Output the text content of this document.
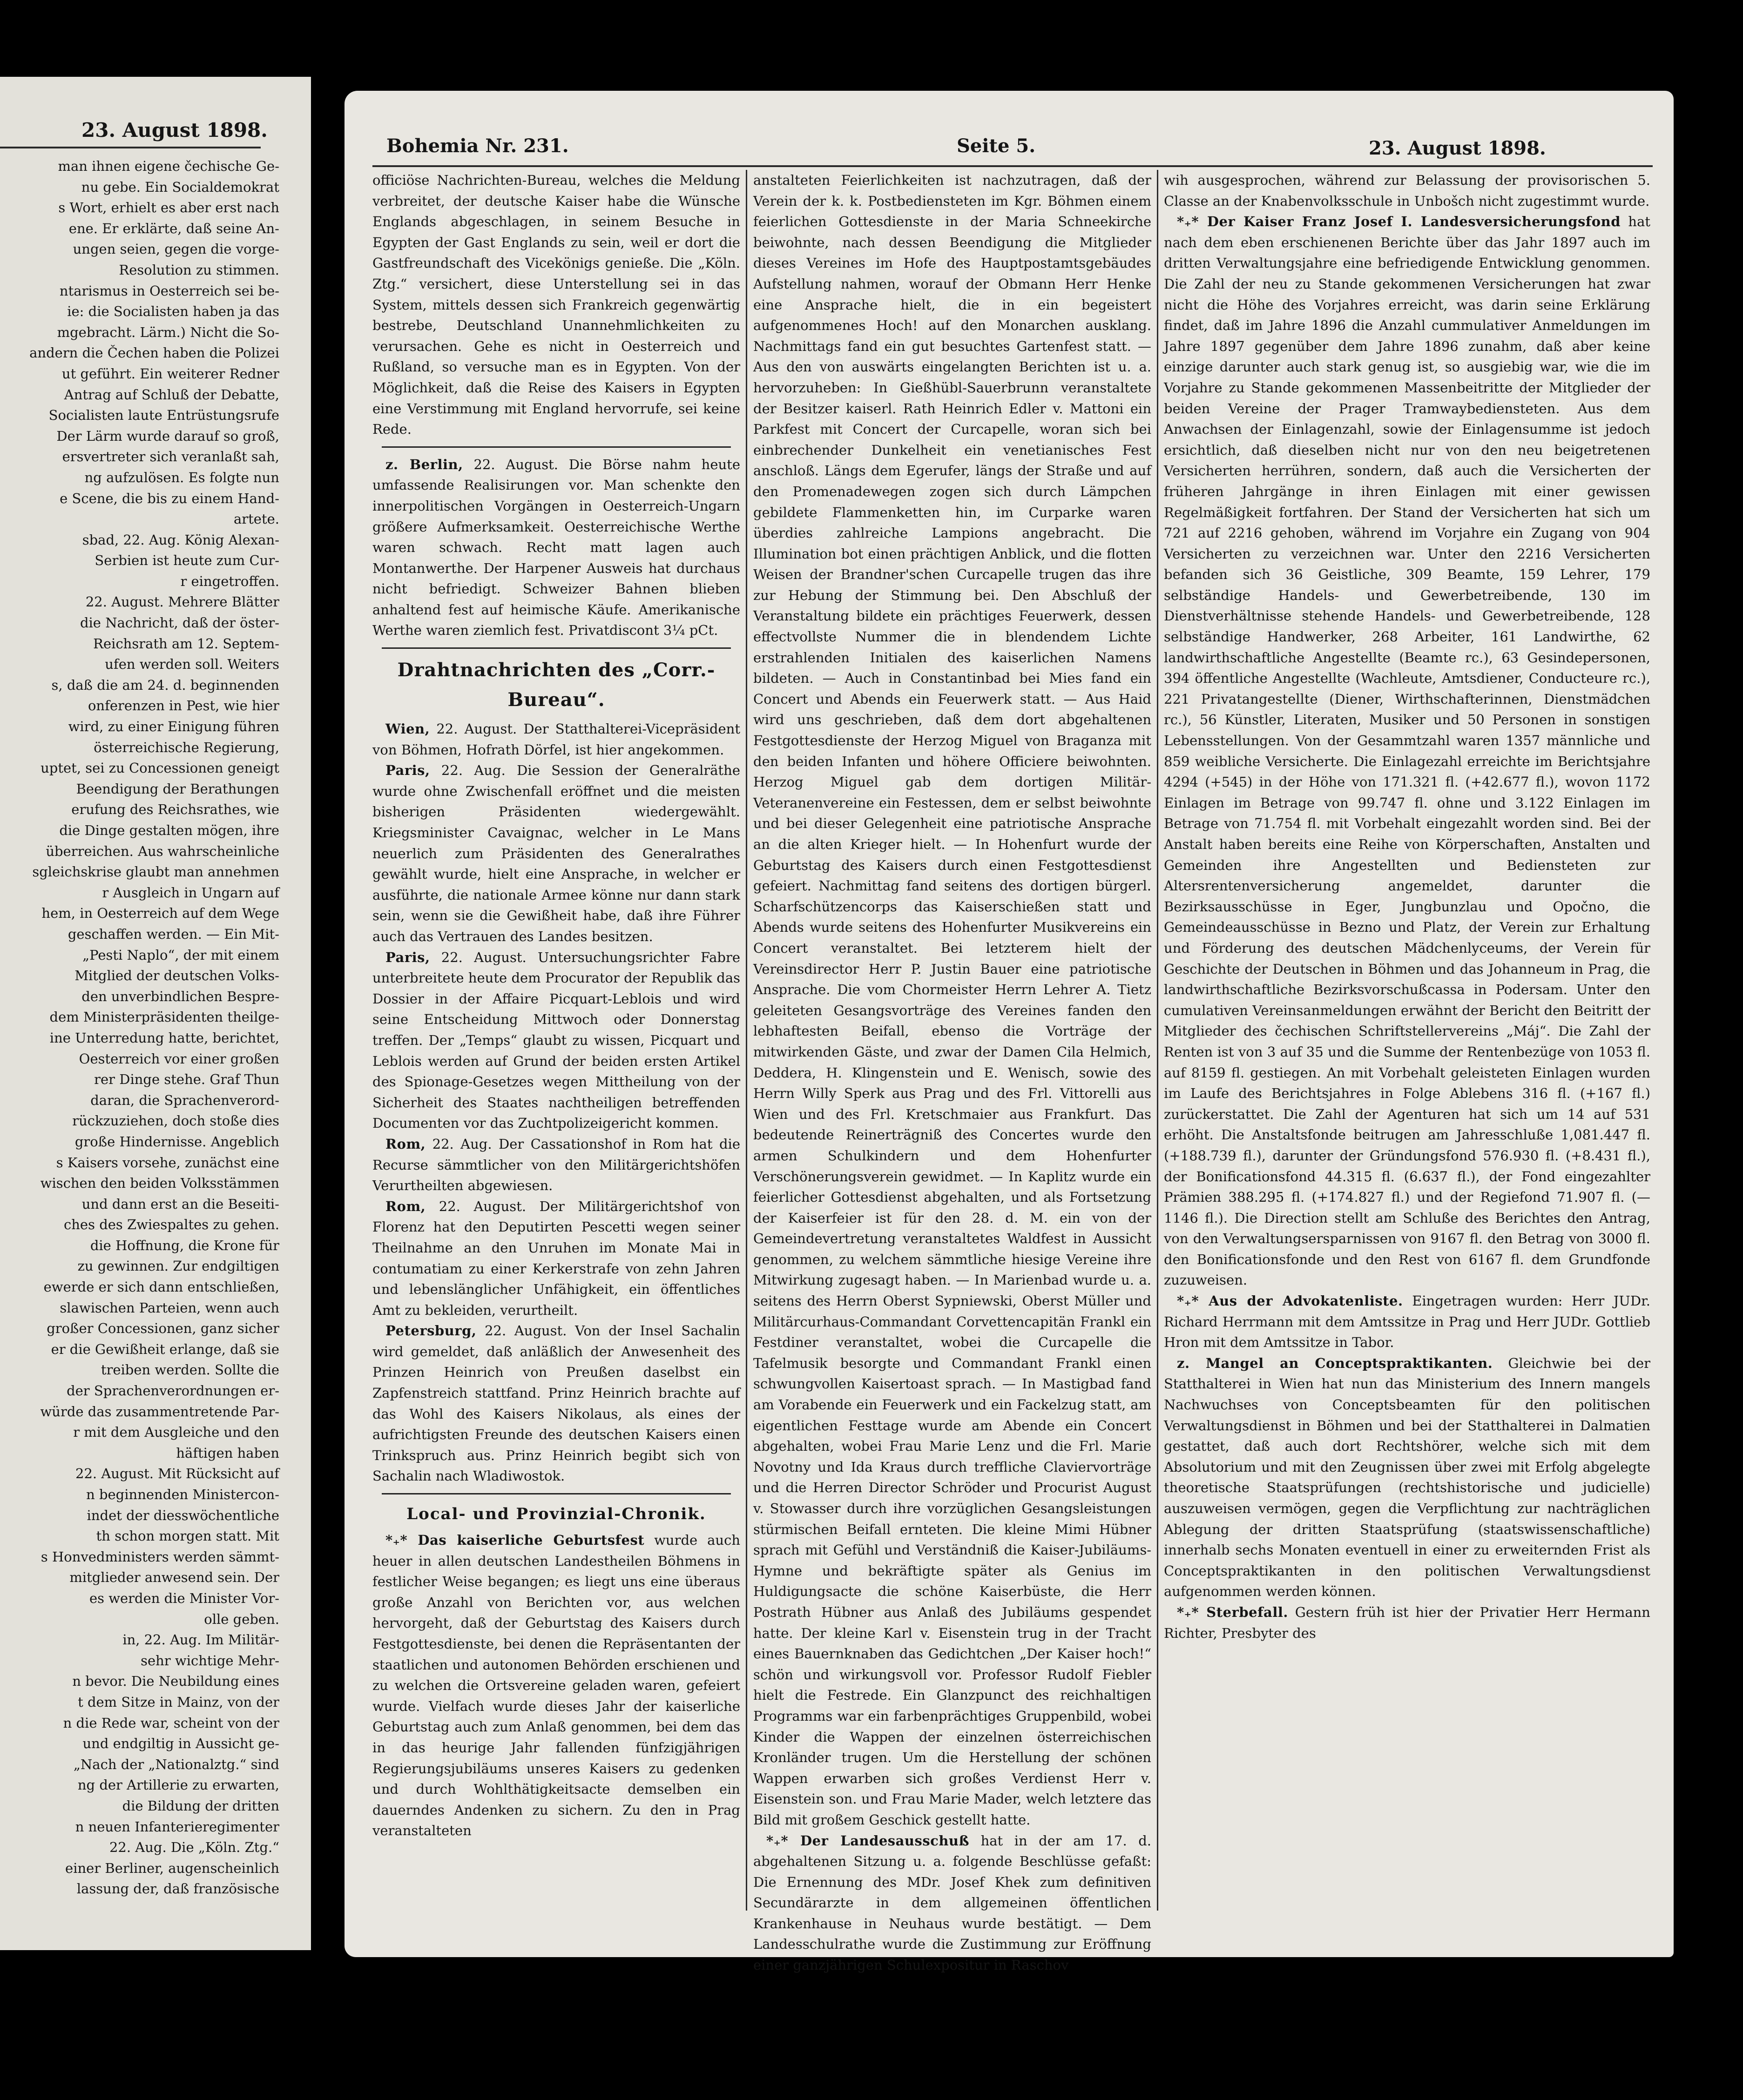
23. August 1898.
man ihnen eigene čechische Ge-
nu gebe. Ein Socialdemokrat
s Wort, erhielt es aber erst nach
ene. Er erklärte, daß seine An-
ungen seien, gegen die vorge-
Resolution zu stimmen.
ntarismus in Oesterreich sei be-
ie: die Socialisten haben ja das
mgebracht. Lärm.) Nicht die So-
andern die Čechen haben die Polizei
ut geführt. Ein weiterer Redner
Antrag auf Schluß der Debatte,
Socialisten laute Entrüstungsrufe
Der Lärm wurde darauf so groß,
ersvertreter sich veranlaßt sah,
ng aufzulösen. Es folgte nun
e Scene, die bis zu einem Hand-
artete.
sbad, 22. Aug. König Alexan-
Serbien ist heute zum Cur-
r eingetroffen.
22. August. Mehrere Blätter
die Nachricht, daß der öster-
Reichsrath am 12. Septem-
ufen werden soll. Weiters
s, daß die am 24. d. beginnenden
onferenzen in Pest, wie hier
wird, zu einer Einigung führen
österreichische Regierung,
uptet, sei zu Concessionen geneigt
Beendigung der Berathungen
erufung des Reichsrathes, wie
die Dinge gestalten mögen, ihre
überreichen. Aus wahrscheinliche
sgleichskrise glaubt man annehmen
r Ausgleich in Ungarn auf
hem, in Oesterreich auf dem Wege
geschaffen werden. — Ein Mit-
„Pesti Naplo“, der mit einem
Mitglied der deutschen Volks-
den unverbindlichen Bespre-
dem Ministerpräsidenten theilge-
ine Unterredung hatte, berichtet,
Oesterreich vor einer großen
rer Dinge stehe. Graf Thun
daran, die Sprachenverord-
rückzuziehen, doch stoße dies
große Hindernisse. Angeblich
s Kaisers vorsehe, zunächst eine
wischen den beiden Volksstämmen
und dann erst an die Beseiti-
ches des Zwiespaltes zu gehen.
die Hoffnung, die Krone für
zu gewinnen. Zur endgiltigen
ewerde er sich dann entschließen,
slawischen Parteien, wenn auch
großer Concessionen, ganz sicher
er die Gewißheit erlange, daß sie
treiben werden. Sollte die
der Sprachenverordnungen er-
würde das zusammentretende Par-
r mit dem Ausgleiche und den
häftigen haben
22. August. Mit Rücksicht auf
n beginnenden Ministercon-
indet der diesswöchentliche
th schon morgen statt. Mit
s Honvedministers werden sämmt-
mitglieder anwesend sein. Der
es werden die Minister Vor-
olle geben.
in, 22. Aug. Im Militär-
sehr wichtige Mehr-
n bevor. Die Neubildung eines
t dem Sitze in Mainz, von der
n die Rede war, scheint von der
und endgiltig in Aussicht ge-
„Nach der „Nationalztg.“ sind
ng der Artillerie zu erwarten,
die Bildung der dritten
n neuen Infanterieregimenter
22. Aug. Die „Köln. Ztg.“
einer Berliner, augenscheinlich
lassung der, daß französische
Bohemia Nr. 231.	Seite 5.	23. August 1898.

officiöse Nachrichten-Bureau, welches die Meldung verbreitet, der deutsche Kaiser habe die Wünsche Englands abgeschlagen, in seinem Besuche in Egypten der Gast Englands zu sein, weil er dort die Gastfreundschaft des Vicekönigs genieße. Die „Köln. Ztg.“ versichert, diese Unterstellung sei in das System, mittels dessen sich Frankreich gegenwärtig bestrebe, Deutschland Unannehmlichkeiten zu verursachen. Gehe es nicht in Oesterreich und Rußland, so versuche man es in Egypten. Von der Möglichkeit, daß die Reise des Kaisers in Egypten eine Verstimmung mit England hervorrufe, sei keine Rede.

z. Berlin, 22. August. Die Börse nahm heute umfassende Realisirungen vor. Man schenkte den innerpolitischen Vorgängen in Oesterreich-Ungarn größere Aufmerksamkeit. Oesterreichische Werthe waren schwach. Recht matt lagen auch Montanwerthe. Der Harpener Ausweis hat durchaus nicht befriedigt. Schweizer Bahnen blieben anhaltend fest auf heimische Käufe. Amerikanische Werthe waren ziemlich fest. Privatdiscont 3¼ pCt.

Drahtnachrichten des „Corr.-Bureau“.

Wien, 22. August. Der Statthalterei-Vicepräsident von Böhmen, Hofrath Dörfel, ist hier angekommen.

Paris, 22. Aug. Die Session der Generalräthe wurde ohne Zwischenfall eröffnet und die meisten bisherigen Präsidenten wiedergewählt. Kriegsminister Cavaignac, welcher in Le Mans neuerlich zum Präsidenten des Generalrathes gewählt wurde, hielt eine Ansprache, in welcher er ausführte, die nationale Armee könne nur dann stark sein, wenn sie die Gewißheit habe, daß ihre Führer auch das Vertrauen des Landes besitzen.

Paris, 22. August. Untersuchungsrichter Fabre unterbreitete heute dem Procurator der Republik das Dossier in der Affaire Picquart-Leblois und wird seine Entscheidung Mittwoch oder Donnerstag treffen. Der „Temps“ glaubt zu wissen, Picquart und Leblois werden auf Grund der beiden ersten Artikel des Spionage-Gesetzes wegen Mittheilung von der Sicherheit des Staates nachtheiligen betreffenden Documenten vor das Zuchtpolizeigericht kommen.

Rom, 22. Aug. Der Cassationshof in Rom hat die Recurse sämmtlicher von den Militärgerichtshöfen Verurtheilten abgewiesen.

Rom, 22. August. Der Militärgerichtshof von Florenz hat den Deputirten Pescetti wegen seiner Theilnahme an den Unruhen im Monate Mai in contumatiam zu einer Kerkerstrafe von zehn Jahren und lebenslänglicher Unfähigkeit, ein öffentliches Amt zu bekleiden, verurtheilt.

Petersburg, 22. August. Von der Insel Sachalin wird gemeldet, daß anläßlich der Anwesenheit des Prinzen Heinrich von Preußen daselbst ein Zapfenstreich stattfand. Prinz Heinrich brachte auf das Wohl des Kaisers Nikolaus, als eines der aufrichtigsten Freunde des deutschen Kaisers einen Trinkspruch aus. Prinz Heinrich begibt sich von Sachalin nach Wladiwostok.

Local- und Provinzial-Chronik.

*₊* Das kaiserliche Geburtsfest wurde auch heuer in allen deutschen Landestheilen Böhmens in festlicher Weise begangen; es liegt uns eine überaus große Anzahl von Berichten vor, aus welchen hervorgeht, daß der Geburtstag des Kaisers durch Festgottesdienste, bei denen die Repräsentanten der staatlichen und autonomen Behörden erschienen und zu welchen die Ortsvereine geladen waren, gefeiert wurde. Vielfach wurde dieses Jahr der kaiserliche Geburtstag auch zum Anlaß genommen, bei dem das in das heurige Jahr fallenden fünfzigjährigen Regierungsjubiläums unseres Kaisers zu gedenken und durch Wohlthätigkeitsacte demselben ein dauerndes Andenken zu sichern. Zu den in Prag veranstalteten

anstalteten Feierlichkeiten ist nachzutragen, daß der Verein der k. k. Postbediensteten im Kgr. Böhmen einem feierlichen Gottesdienste in der Maria Schneekirche beiwohnte, nach dessen Beendigung die Mitglieder dieses Vereines im Hofe des Hauptpostamtsgebäudes Aufstellung nahmen, worauf der Obmann Herr Henke eine Ansprache hielt, die in ein begeistert aufgenommenes Hoch! auf den Monarchen ausklang. Nachmittags fand ein gut besuchtes Gartenfest statt. — Aus den von auswärts eingelangten Berichten ist u. a. hervorzuheben: In Gießhübl-Sauerbrunn veranstaltete der Besitzer kaiserl. Rath Heinrich Edler v. Mattoni ein Parkfest mit Concert der Curcapelle, woran sich bei einbrechender Dunkelheit ein venetianisches Fest anschloß. Längs dem Egerufer, längs der Straße und auf den Promenadewegen zogen sich durch Lämpchen gebildete Flammenketten hin, im Curparke waren überdies zahlreiche Lampions angebracht. Die Illumination bot einen prächtigen Anblick, und die flotten Weisen der Brandner'schen Curcapelle trugen das ihre zur Hebung der Stimmung bei. Den Abschluß der Veranstaltung bildete ein prächtiges Feuerwerk, dessen effectvollste Nummer die in blendendem Lichte erstrahlenden Initialen des kaiserlichen Namens bildeten. — Auch in Constantinbad bei Mies fand ein Concert und Abends ein Feuerwerk statt. — Aus Haid wird uns geschrieben, daß dem dort abgehaltenen Festgottesdienste der Herzog Miguel von Braganza mit den beiden Infanten und höhere Officiere beiwohnten. Herzog Miguel gab dem dortigen Militär-Veteranenvereine ein Festessen, dem er selbst beiwohnte und bei dieser Gelegenheit eine patriotische Ansprache an die alten Krieger hielt. — In Hohenfurt wurde der Geburtstag des Kaisers durch einen Festgottesdienst gefeiert. Nachmittag fand seitens des dortigen bürgerl. Scharfschützencorps das Kaiserschießen statt und Abends wurde seitens des Hohenfurter Musikvereins ein Concert veranstaltet. Bei letzterem hielt der Vereinsdirector Herr P. Justin Bauer eine patriotische Ansprache. Die vom Chormeister Herrn Lehrer A. Tietz geleiteten Gesangsvorträge des Vereines fanden den lebhaftesten Beifall, ebenso die Vorträge der mitwirkenden Gäste, und zwar der Damen Cila Helmich, Deddera, H. Klingenstein und E. Wenisch, sowie des Herrn Willy Sperk aus Prag und des Frl. Vittorelli aus Wien und des Frl. Kretschmaier aus Frankfurt. Das bedeutende Reinerträgniß des Concertes wurde den armen Schulkindern und dem Hohenfurter Verschönerungsverein gewidmet. — In Kaplitz wurde ein feierlicher Gottesdienst abgehalten, und als Fortsetzung der Kaiserfeier ist für den 28. d. M. ein von der Gemeindevertretung veranstaltetes Waldfest in Aussicht genommen, zu welchem sämmtliche hiesige Vereine ihre Mitwirkung zugesagt haben. — In Marienbad wurde u. a. seitens des Herrn Oberst Sypniewski, Oberst Müller und Militärcurhaus-Commandant Corvettencapitän Frankl ein Festdiner veranstaltet, wobei die Curcapelle die Tafelmusik besorgte und Commandant Frankl einen schwungvollen Kaisertoast sprach. — In Mastigbad fand am Vorabende ein Feuerwerk und ein Fackelzug statt, am eigentlichen Festtage wurde am Abende ein Concert abgehalten, wobei Frau Marie Lenz und die Frl. Marie Novotny und Ida Kraus durch treffliche Claviervorträge und die Herren Director Schröder und Procurist August v. Stowasser durch ihre vorzüglichen Gesangsleistungen stürmischen Beifall ernteten. Die kleine Mimi Hübner sprach mit Gefühl und Verständniß die Kaiser-Jubiläums-Hymne und bekräftigte später als Genius im Huldigungsacte die schöne Kaiserbüste, die Herr Postrath Hübner aus Anlaß des Jubiläums gespendet hatte. Der kleine Karl v. Eisenstein trug in der Tracht eines Bauernknaben das Gedichtchen „Der Kaiser hoch!“ schön und wirkungsvoll vor. Professor Rudolf Fiebler hielt die Festrede. Ein Glanzpunct des reichhaltigen Programms war ein farbenprächtiges Gruppenbild, wobei Kinder die Wappen der einzelnen österreichischen Kronländer trugen. Um die Herstellung der schönen Wappen erwarben sich großes Verdienst Herr v. Eisenstein son. und Frau Marie Mader, welch letztere das Bild mit großem Geschick gestellt hatte.

*₊* Der Landesausschuß hat in der am 17. d. abgehaltenen Sitzung u. a. folgende Beschlüsse gefaßt: Die Ernennung des MDr. Josef Khek zum definitiven Secundärarzte in dem allgemeinen öffentlichen Krankenhause in Neuhaus wurde bestätigt. — Dem Landesschulrathe wurde die Zustimmung zur Eröffnung einer ganzjährigen Schulexpositur in Raschov

wih ausgesprochen, während zur Belassung der provisorischen 5. Classe an der Knabenvolksschule in Unbošch nicht zugestimmt wurde.

*₊* Der Kaiser Franz Josef I. Landesversicherungsfond hat nach dem eben erschienenen Berichte über das Jahr 1897 auch im dritten Verwaltungsjahre eine befriedigende Entwicklung genommen. Die Zahl der neu zu Stande gekommenen Versicherungen hat zwar nicht die Höhe des Vorjahres erreicht, was darin seine Erklärung findet, daß im Jahre 1896 die Anzahl cummulativer Anmeldungen im Jahre 1897 gegenüber dem Jahre 1896 zunahm, daß aber keine einzige darunter auch stark genug ist, so ausgiebig war, wie die im Vorjahre zu Stande gekommenen Massenbeitritte der Mitglieder der beiden Vereine der Prager Tramwaybediensteten. Aus dem Anwachsen der Einlagenzahl, sowie der Einlagensumme ist jedoch ersichtlich, daß dieselben nicht nur von den neu beigetretenen Versicherten herrühren, sondern, daß auch die Versicherten der früheren Jahrgänge in ihren Einlagen mit einer gewissen Regelmäßigkeit fortfahren. Der Stand der Versicherten hat sich um 721 auf 2216 gehoben, während im Vorjahre ein Zugang von 904 Versicherten zu verzeichnen war. Unter den 2216 Versicherten befanden sich 36 Geistliche, 309 Beamte, 159 Lehrer, 179 selbständige Handels- und Gewerbetreibende, 130 im Dienstverhältnisse stehende Handels- und Gewerbetreibende, 128 selbständige Handwerker, 268 Arbeiter, 161 Landwirthe, 62 landwirthschaftliche Angestellte (Beamte rc.), 63 Gesindepersonen, 394 öffentliche Angestellte (Wachleute, Amtsdiener, Conducteure rc.), 221 Privatangestellte (Diener, Wirthschafterinnen, Dienstmädchen rc.), 56 Künstler, Literaten, Musiker und 50 Personen in sonstigen Lebensstellungen. Von der Gesammtzahl waren 1357 männliche und 859 weibliche Versicherte. Die Einlagezahl erreichte im Berichtsjahre 4294 (+545) in der Höhe von 171.321 fl. (+42.677 fl.), wovon 1172 Einlagen im Betrage von 99.747 fl. ohne und 3.122 Einlagen im Betrage von 71.754 fl. mit Vorbehalt eingezahlt worden sind. Bei der Anstalt haben bereits eine Reihe von Körperschaften, Anstalten und Gemeinden ihre Angestellten und Bediensteten zur Altersrentenversicherung angemeldet, darunter die Bezirksausschüsse in Eger, Jungbunzlau und Opočno, die Gemeindeausschüsse in Bezno und Platz, der Verein zur Erhaltung und Förderung des deutschen Mädchenlyceums, der Verein für Geschichte der Deutschen in Böhmen und das Johanneum in Prag, die landwirthschaftliche Bezirksvorschußcassa in Podersam. Unter den cumulativen Vereinsanmeldungen erwähnt der Bericht den Beitritt der Mitglieder des čechischen Schriftstellervereins „Máj“. Die Zahl der Renten ist von 3 auf 35 und die Summe der Rentenbezüge von 1053 fl. auf 8159 fl. gestiegen. An mit Vorbehalt geleisteten Einlagen wurden im Laufe des Berichtsjahres in Folge Ablebens 316 fl. (+167 fl.) zurückerstattet. Die Zahl der Agenturen hat sich um 14 auf 531 erhöht. Die Anstaltsfonde beitrugen am Jahresschluße 1,081.447 fl. (+188.739 fl.), darunter der Gründungsfond 576.930 fl. (+8.431 fl.), der Bonificationsfond 44.315 fl. (6.637 fl.), der Fond eingezahlter Prämien 388.295 fl. (+174.827 fl.) und der Regiefond 71.907 fl. (—1146 fl.). Die Direction stellt am Schluße des Berichtes den Antrag, von den Verwaltungsersparnissen von 9167 fl. den Betrag von 3000 fl. den Bonificationsfonde und den Rest von 6167 fl. dem Grundfonde zuzuweisen.

*₊* Aus der Advokatenliste. Eingetragen wurden: Herr JUDr. Richard Herrmann mit dem Amtssitze in Prag und Herr JUDr. Gottlieb Hron mit dem Amtssitze in Tabor.

z. Mangel an Conceptspraktikanten. Gleichwie bei der Statthalterei in Wien hat nun das Ministerium des Innern mangels Nachwuchses von Conceptsbeamten für den politischen Verwaltungsdienst in Böhmen und bei der Statthalterei in Dalmatien gestattet, daß auch dort Rechtshörer, welche sich mit dem Absolutorium und mit den Zeugnissen über zwei mit Erfolg abgelegte theoretische Staatsprüfungen (rechtshistorische und judicielle) auszuweisen vermögen, gegen die Verpflichtung zur nachträglichen Ablegung der dritten Staatsprüfung (staatswissenschaftliche) innerhalb sechs Monaten eventuell in einer zu erweiternden Frist als Conceptspraktikanten in den politischen Verwaltungsdienst aufgenommen werden können.

*₊* Sterbefall. Gestern früh ist hier der Privatier Herr Hermann Richter, Presbyter des
